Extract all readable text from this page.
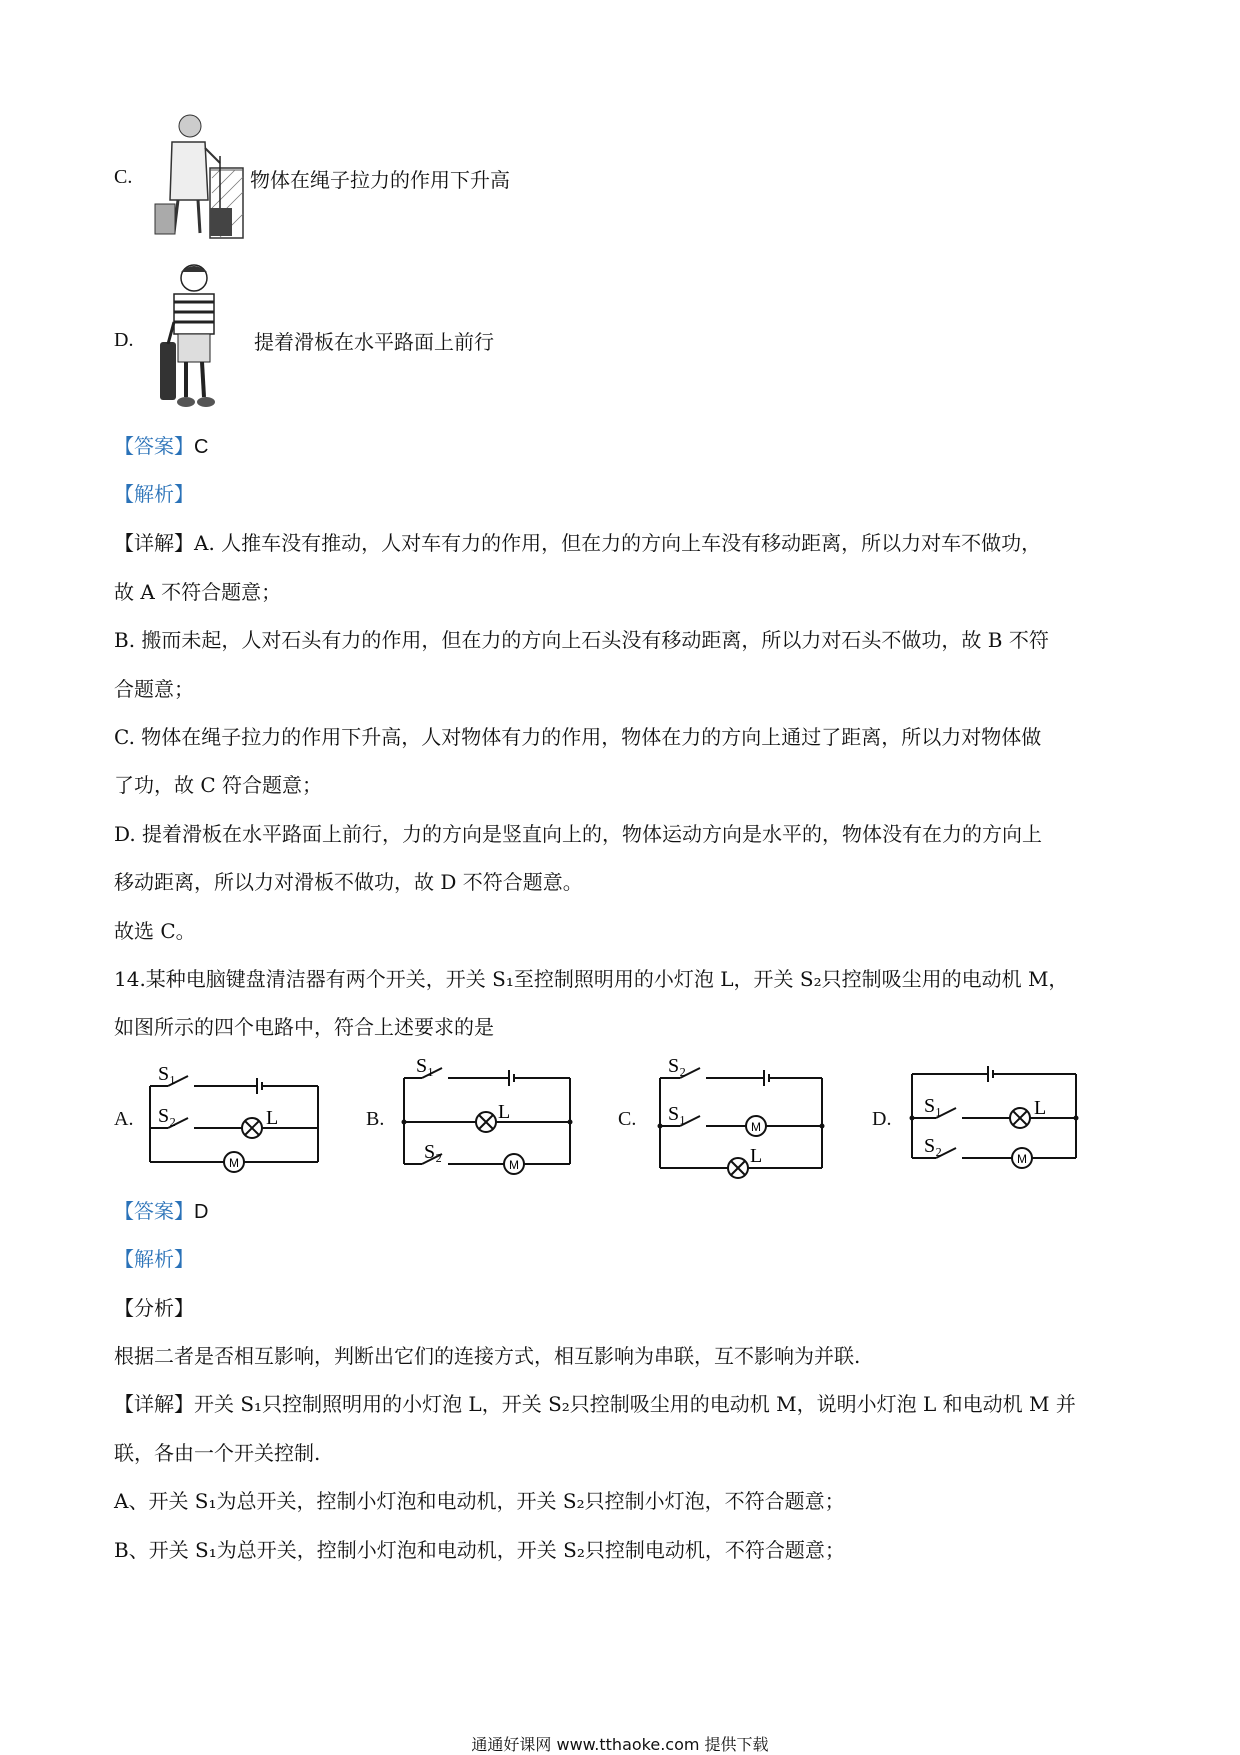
C.	物体在绳子拉力的作用下升高
D.	提着滑板在水平路面上前行
【答案】C
【解析】
【详解】A. 人推车没有推动，人对车有力的作用，但在力的方向上车没有移动距离，所以力对车不做功，
故 A 不符合题意；
B. 搬而未起，人对石头有力的作用，但在力的方向上石头没有移动距离，所以力对石头不做功，故 B 不符
合题意；
C. 物体在绳子拉力的作用下升高，人对物体有力的作用，物体在力的方向上通过了距离，所以力对物体做
了功，故 C 符合题意；
D. 提着滑板在水平路面上前行，力的方向是竖直向上的，物体运动方向是水平的，物体没有在力的方向上
移动距离，所以力对滑板不做功，故 D 不符合题意。
故选 C。
14.某种电脑键盘清洁器有两个开关，开关 S₁至控制照明用的小灯泡 L，开关 S₂只控制吸尘用的电动机 M，
如图所示的四个电路中，符合上述要求的是
A.
S₁
S₂	L
M
B.
S₁
L
S₂
M
C.
S₂
S₁
M
L
D.
S₁	L
S₂
M
【答案】D
【解析】
【分析】
根据二者是否相互影响，判断出它们的连接方式，相互影响为串联，互不影响为并联.
【详解】开关 S₁只控制照明用的小灯泡 L，开关 S₂只控制吸尘用的电动机 M，说明小灯泡 L 和电动机 M 并
联，各由一个开关控制.
A、开关 S₁为总开关，控制小灯泡和电动机，开关 S₂只控制小灯泡，不符合题意；
B、开关 S₁为总开关，控制小灯泡和电动机，开关 S₂只控制电动机，不符合题意；
通通好课网 www.tthaoke.com 提供下载
